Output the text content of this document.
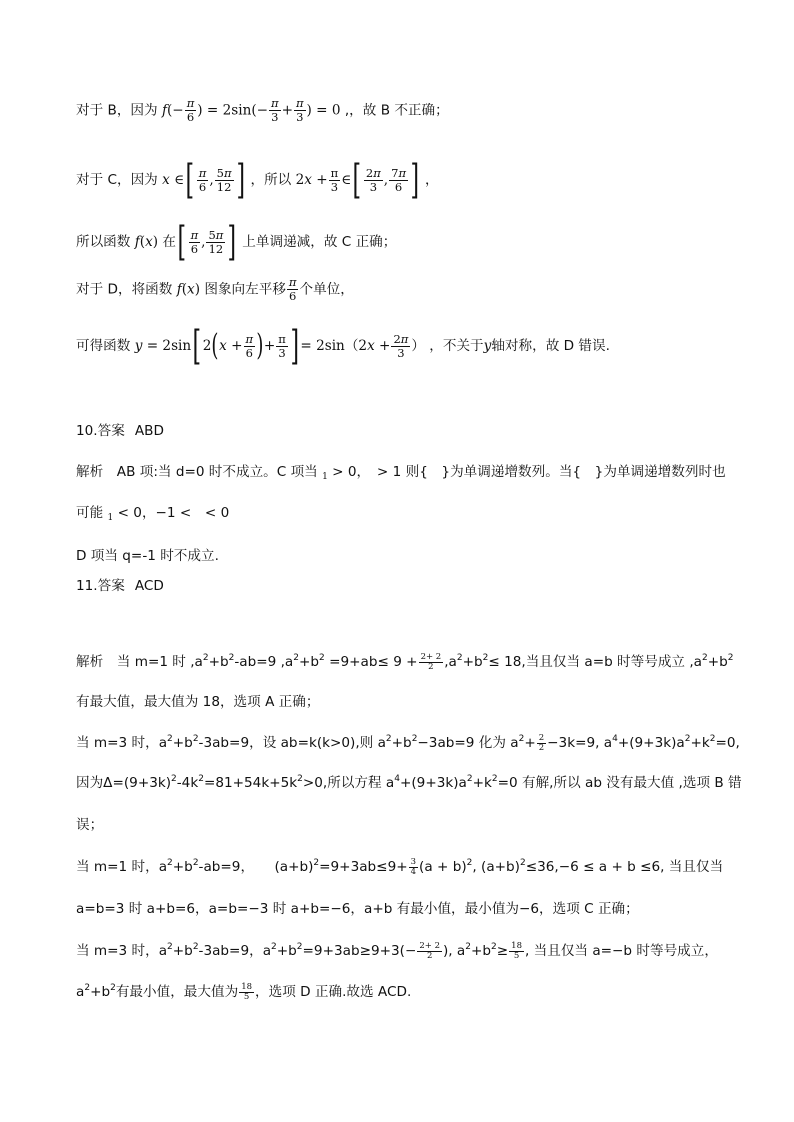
对于 B，因为 $f(- \frac{\pi}{6}$ ) = $2\sin(- \frac{\pi}{3} + \frac{\pi}{3}$ ) = 0 ,，故 B 不正确；
对于 C，因为 x ∈[ $\frac{\pi}{6}$ , $\frac{5\pi}{12}$ ] ，所以 $2x + \frac{\pi}{3}$ ∈[ $\frac{2\pi}{3}$ , $\frac{7\pi}{6}$ ] ，
所以函数 f(x) 在[ $\frac{\pi}{6}$ , $\frac{5\pi}{12}$ ] 上单调递减，故 C 正确；
对于 D，将函数 f(x) 图象向左平移 $\frac{\pi}{6}$ 个单位，
可得函数 y = 2sin[ $2(x + \frac{\pi}{6}$ )+ $\frac{\pi}{3}$ ] = $2\sin(2x + \frac{2\pi}{3}$ ） ，不关于y轴对称，故 D 错误.
10.答案 ABD
解析　AB 项:当 d=0 时不成立。C 项当 $_1$ > 0，　> 1 则{　}为单调递增数列。当{　}为单调递增数列时也
可能 $_1$ < 0，−1 <　< 0
D 项当 q=-1 时不成立.
11.答案 ACD
解析　当 m=1 时 $,a^2+b^2-ab=9$ $,a^2+b^2 =9+ab\le 9 + \frac{2+ 2}{2} ,a^2+b^2\le 18$,当且仅当 a=b 时等号成立 $,a^2+b^2$
有最大值，最大值为 18，选项 A 正确；
当 m=3 时，$a^2+b^2-3ab=9$，设 ab=k(k>0),则 $a^2+b^2-3ab=9$ 化为 $a^2+ \frac{2}{2} -3k=9$, $a^4+(9+3k)a^2+k^2=0$,
因为$\Delta=(9+3k)^2-4k^2=81+54k+5k^2>0$,所以方程 $a^4+(9+3k)a^2+k^2=0$ 有解,所以 ab 没有最大值 ,选项 B 错
误；
当 m=1 时，$a^2+b^2-ab=9$，　　 $(a+b)^2=9+3ab\le 9+ \frac{3}{4} (a + b)^2$, $(a+b)^2\le 36,-6 \le a + b \le 6$, 当且仅当
a=b=3 时 a+b=6，a=b=−3 时 a+b=−6，a+b 有最小值，最小值为−6，选项 C 正确；
当 m=3 时，$a^2+b^2-3ab=9$，$a^2+b^2=9+3ab\ge 9+3(- \frac{2+ 2}{2}$ ), $a^2+b^2\ge \frac{18}{5}$ , 当且仅当 a=−b 时等号成立，
$a^2+b^2$有最小值，最大值为 $\frac{18}{5}$ ，选项 D 正确.故选 ACD.
